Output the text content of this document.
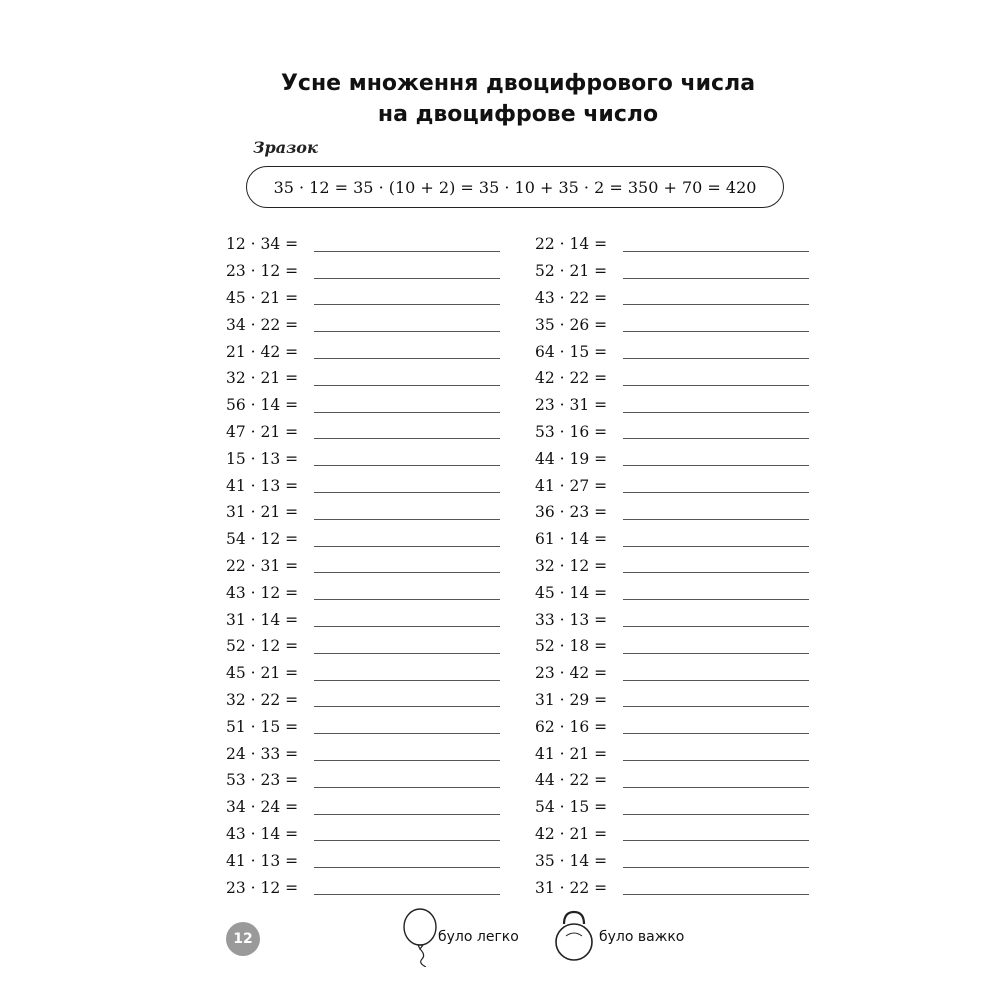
Усне множення двоцифрового числа
на двоцифрове число
Зразок
35 · 12 = 35 · (10 + 2) = 35 · 10 + 35 · 2 = 350 + 70 = 420
12 · 34 =
23 · 12 =
45 · 21 =
34 · 22 =
21 · 42 =
32 · 21 =
56 · 14 =
47 · 21 =
15 · 13 =
41 · 13 =
31 · 21 =
54 · 12 =
22 · 31 =
43 · 12 =
31 · 14 =
52 · 12 =
45 · 21 =
32 · 22 =
51 · 15 =
24 · 33 =
53 · 23 =
34 · 24 =
43 · 14 =
41 · 13 =
23 · 12 =
22 · 14 =
52 · 21 =
43 · 22 =
35 · 26 =
64 · 15 =
42 · 22 =
23 · 31 =
53 · 16 =
44 · 19 =
41 · 27 =
36 · 23 =
61 · 14 =
32 · 12 =
45 · 14 =
33 · 13 =
52 · 18 =
23 · 42 =
31 · 29 =
62 · 16 =
41 · 21 =
44 · 22 =
54 · 15 =
42 · 21 =
35 · 14 =
31 · 22 =
12	було легко	було важко
